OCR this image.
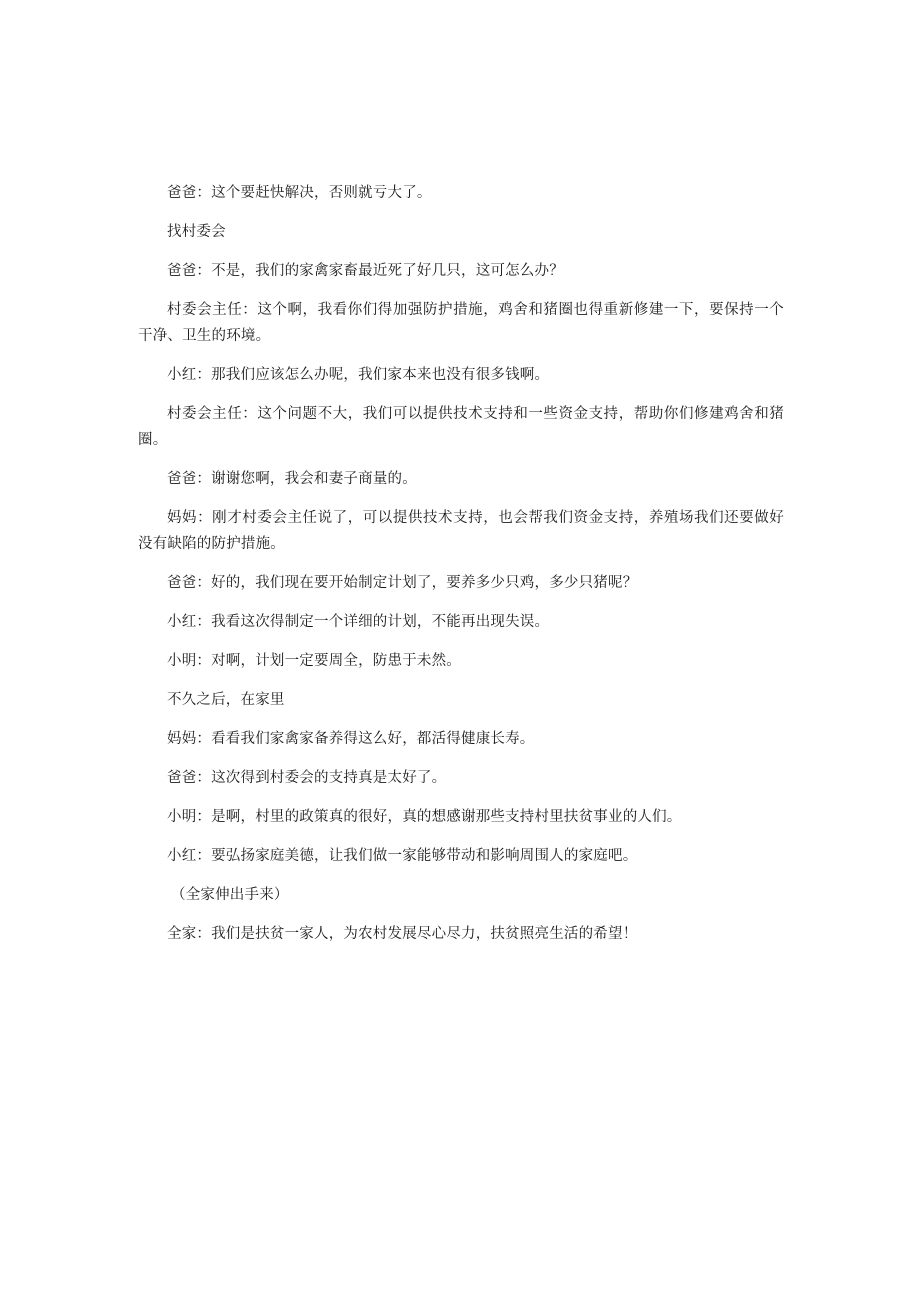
爸爸：这个要赶快解决，否则就亏大了。

找村委会

爸爸：不是，我们的家禽家畜最近死了好几只，这可怎么办？

村委会主任：这个啊，我看你们得加强防护措施，鸡舍和猪圈也得重新修建一下，要保持一个干净、卫生的环境。

小红：那我们应该怎么办呢，我们家本来也没有很多钱啊。

村委会主任：这个问题不大，我们可以提供技术支持和一些资金支持，帮助你们修建鸡舍和猪圈。

爸爸：谢谢您啊，我会和妻子商量的。

妈妈：刚才村委会主任说了，可以提供技术支持，也会帮我们资金支持，养殖场我们还要做好没有缺陷的防护措施。

爸爸：好的，我们现在要开始制定计划了，要养多少只鸡，多少只猪呢？

小红：我看这次得制定一个详细的计划，不能再出现失误。

小明：对啊，计划一定要周全，防患于未然。

不久之后，在家里

妈妈：看看我们家禽家备养得这么好，都活得健康长寿。

爸爸：这次得到村委会的支持真是太好了。

小明：是啊，村里的政策真的很好，真的想感谢那些支持村里扶贫事业的人们。

小红：要弘扬家庭美德，让我们做一家能够带动和影响周围人的家庭吧。

（全家伸出手来）

全家：我们是扶贫一家人，为农村发展尽心尽力，扶贫照亮生活的希望！
